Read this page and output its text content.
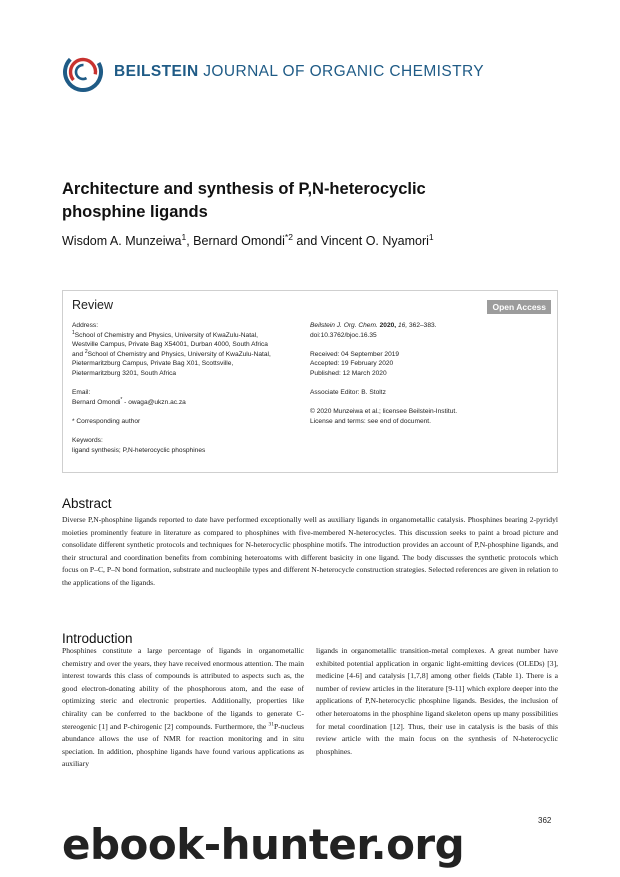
BEILSTEIN JOURNAL OF ORGANIC CHEMISTRY
Architecture and synthesis of P,N-heterocyclic phosphine ligands
Wisdom A. Munzeiwa$^1$, Bernard Omondi$^{*2}$ and Vincent O. Nyamori$^1$
Review	Open Access
Address:
$^1$School of Chemistry and Physics, University of KwaZulu-Natal,
Westville Campus, Private Bag X54001, Durban 4000, South Africa
and $^2$School of Chemistry and Physics, University of KwaZulu-Natal,
Pietermaritzburg Campus, Private Bag X01, Scottsville,
Pietermaritzburg 3201, South Africa
Email:
Bernard Omondi* - owaga@ukzn.ac.za
* Corresponding author
Keywords:
ligand synthesis; P,N-heterocyclic phosphines
Beilstein J. Org. Chem. 2020, 16, 362–383.
doi:10.3762/bjoc.16.35
Received: 04 September 2019
Accepted: 19 February 2020
Published: 12 March 2020
Associate Editor: B. Stoltz
© 2020 Munzeiwa et al.; licensee Beilstein-Institut.
License and terms: see end of document.
Abstract
Diverse P,N-phosphine ligands reported to date have performed exceptionally well as auxiliary ligands in organometallic catalysis. Phosphines bearing 2-pyridyl moieties prominently feature in literature as compared to phosphines with five-membered N-heterocycles. This discussion seeks to paint a broad picture and consolidate different synthetic protocols and techniques for N-heterocyclic phosphine motifs. The introduction provides an account of P,N-phosphine ligands, and their structural and coordination benefits from combining heteroatoms with different basicity in one ligand. The body discusses the synthetic protocols which focus on P–C, P–N bond formation, substrate and nucleophile types and different N-heterocycle construction strategies. Selected references are given in relation to the applications of the ligands.
Introduction
Phosphines constitute a large percentage of ligands in organometallic chemistry and over the years, they have received enormous attention. The main interest towards this class of compounds is attributed to aspects such as, the good electron-donating ability of the phosphorous atom, and the ease of optimizing steric and electronic properties. Additionally, properties like chirality can be conferred to the backbone of the ligands to generate C-stereogenic [1] and P-chirogenic [2] compounds. Furthermore, the $^{31}$P-nucleus abundance allows the use of NMR for reaction monitoring and in situ speciation. In addition, phosphine ligands have found various applications as auxiliary
ligands in organometallic transition-metal complexes. A great number have exhibited potential application in organic light-emitting devices (OLEDs) [3], medicine [4-6] and catalysis [1,7,8] among other fields (Table 1). There is a number of review articles in the literature [9-11] which explore deeper into the applications of P,N-heterocyclic phosphine ligands. Besides, the inclusion of other heteroatoms in the phosphine ligand skeleton opens up many possibilities for metal coordination [12]. Thus, their use in catalysis is the basis of this review article with the main focus on the synthesis of N-heterocyclic phosphines.
362
ebook-hunter.org
